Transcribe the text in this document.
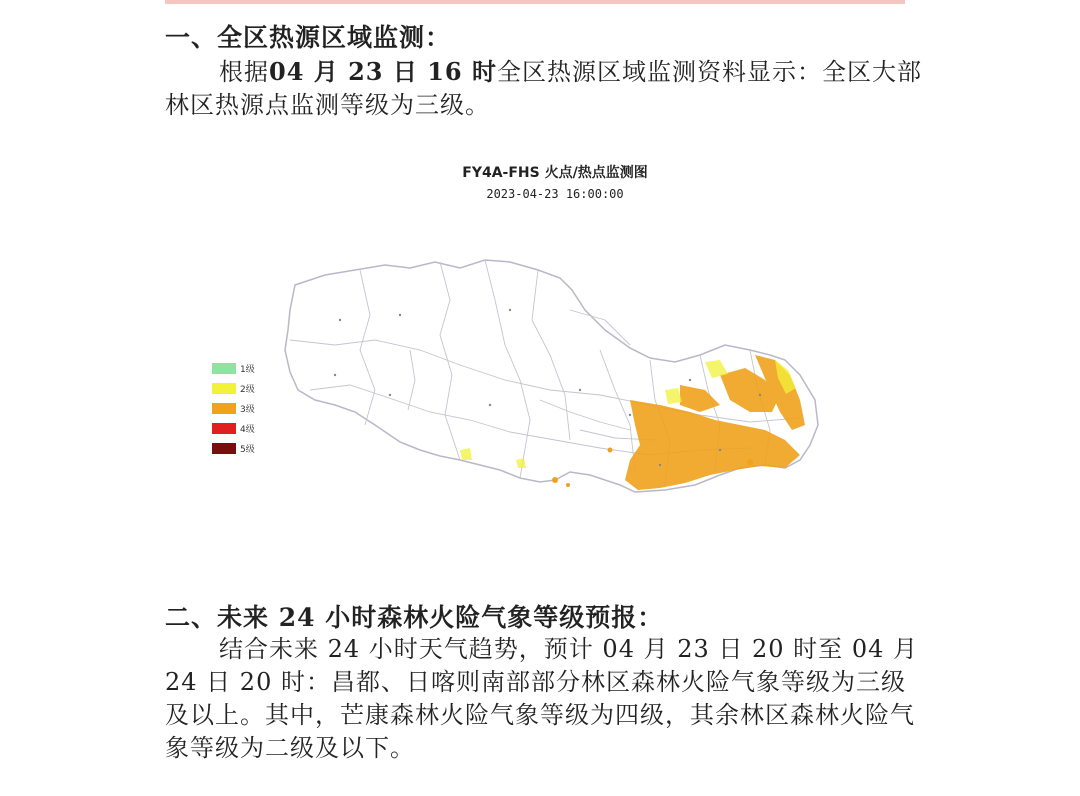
一、全区热源区域监测：
根据04 月 23 日 16 时全区热源区域监测资料显示：全区大部林区热源点监测等级为三级。
FY4A-FHS 火点/热点监测图
2023-04-23 16:00:00
1级
2级
3级
4级
5级
二、未来 24 小时森林火险气象等级预报：
结合未来 24 小时天气趋势，预计 04 月 23 日 20 时至 04 月 24 日 20 时：昌都、日喀则南部部分林区森林火险气象等级为三级及以上。其中，芒康森林火险气象等级为四级，其余林区森林火险气象等级为二级及以下。
